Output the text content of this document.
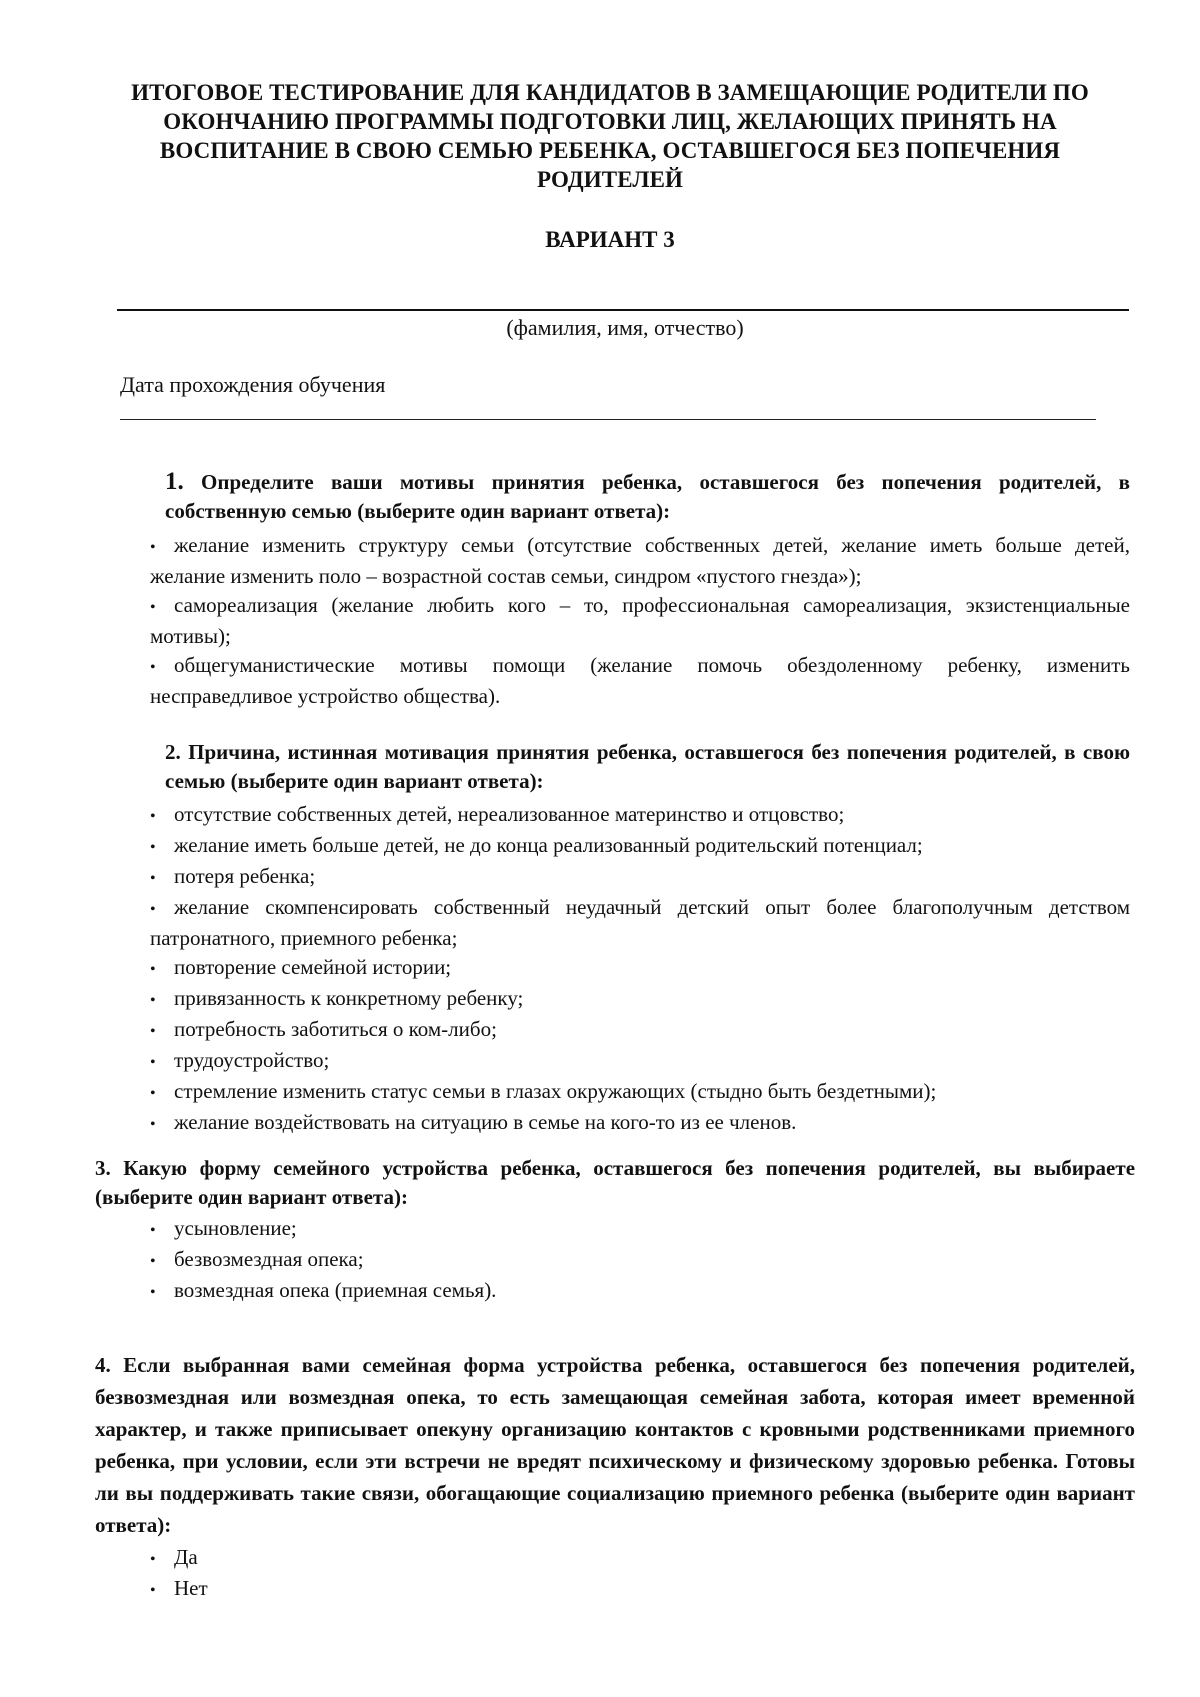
ИТОГОВОЕ ТЕСТИРОВАНИЕ ДЛЯ КАНДИДАТОВ В ЗАМЕЩАЮЩИЕ РОДИТЕЛИ ПО ОКОНЧАНИЮ ПРОГРАММЫ ПОДГОТОВКИ ЛИЦ, ЖЕЛАЮЩИХ ПРИНЯТЬ НА ВОСПИТАНИЕ В СВОЮ СЕМЬЮ РЕБЕНКА, ОСТАВШЕГОСЯ БЕЗ ПОПЕЧЕНИЯ РОДИТЕЛЕЙ
ВАРИАНТ 3
(фамилия, имя, отчество)
Дата прохождения обучения
1. Определите ваши мотивы принятия ребенка, оставшегося без попечения родителей, в собственную семью (выберите один вариант ответа):
• желание изменить структуру семьи (отсутствие собственных детей, желание иметь больше детей, желание изменить поло – возрастной состав семьи, синдром «пустого гнезда»);
• самореализация (желание любить кого – то, профессиональная самореализация, экзистенциальные мотивы);
• общегуманистические мотивы помощи (желание помочь обездоленному ребенку, изменить несправедливое устройство общества).
2. Причина, истинная мотивация принятия ребенка, оставшегося без попечения родителей, в свою семью (выберите один вариант ответа):
• отсутствие собственных детей, нереализованное материнство и отцовство;
• желание иметь больше детей, не до конца реализованный родительский потенциал;
• потеря ребенка;
• желание скомпенсировать собственный неудачный детский опыт более благополучным детством патронатного, приемного ребенка;
• повторение семейной истории;
• привязанность к конкретному ребенку;
• потребность заботиться о ком-либо;
• трудоустройство;
• стремление изменить статус семьи в глазах окружающих (стыдно быть бездетными);
• желание воздействовать на ситуацию в семье на кого-то из ее членов.
3. Какую форму семейного устройства ребенка, оставшегося без попечения родителей, вы выбираете (выберите один вариант ответа):
• усыновление;
• безвозмездная опека;
• возмездная опека (приемная семья).
4. Если выбранная вами семейная форма устройства ребенка, оставшегося без попечения родителей, безвозмездная или возмездная опека, то есть замещающая семейная забота, которая имеет временной характер, и также приписывает опекуну организацию контактов с кровными родственниками приемного ребенка, при условии, если эти встречи не вредят психическому и физическому здоровью ребенка. Готовы ли вы поддерживать такие связи, обогащающие социализацию приемного ребенка (выберите один вариант ответа):
• Да
• Нет
